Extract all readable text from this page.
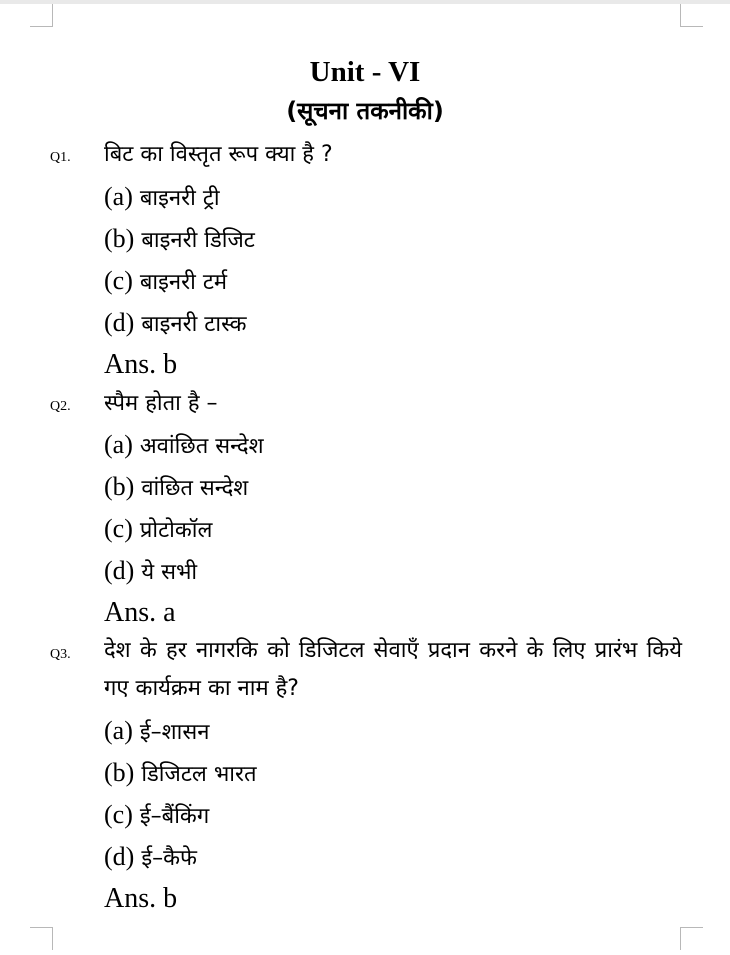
Unit - VI
(सूचना तकनीकी)
Q1. बिट का विस्तृत रूप क्या है ?
(a) बाइनरी ट्री
(b) बाइनरी डिजिट
(c) बाइनरी टर्म
(d) बाइनरी टास्क
Ans. b
Q2. स्पैम होता है –
(a) अवांछित सन्देश
(b) वांछित सन्देश
(c) प्रोटोकॉल
(d) ये सभी
Ans. a
Q3. देश के हर नागरकि को डिजिटल सेवाएँ प्रदान करने के लिए प्रारंभ किये गए कार्यक्रम का नाम है?
(a) ई–शासन
(b) डिजिटल भारत
(c) ई–बैंकिंग
(d) ई–कैफे
Ans. b
